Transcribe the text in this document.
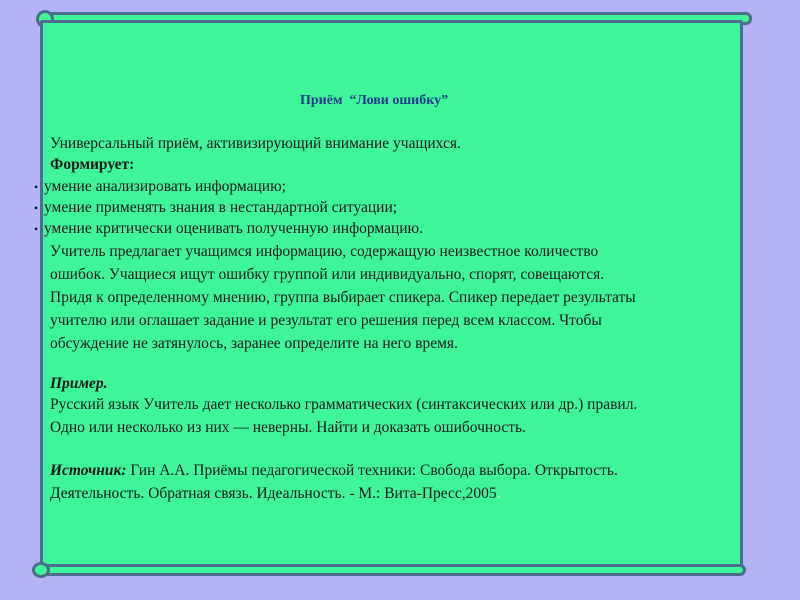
Приём  “Лови ошибку”
Универсальный приём, активизирующий внимание учащихся.
Формирует:
• умение анализировать информацию;
• умение применять знания в нестандартной ситуации;
• умение критически оценивать полученную информацию.
Учитель предлагает учащимся информацию, содержащую неизвестное количество
ошибок. Учащиеся ищут ошибку группой или индивидуально, спорят, совещаются.
Придя к определенному мнению, группа выбирает спикера. Спикер передает результаты
учителю или оглашает задание и результат его решения перед всем классом. Чтобы
обсуждение не затянулось, заранее определите на него время.
Пример.
Русский язык Учитель дает несколько грамматических (синтаксических или др.) правил.
Одно или несколько из них — неверны. Найти и доказать ошибочность.
Источник: Гин А.А. Приёмы педагогической техники: Свобода выбора. Открытость.
Деятельность. Обратная связь. Идеальность. - М.: Вита-Пресс,2005.
